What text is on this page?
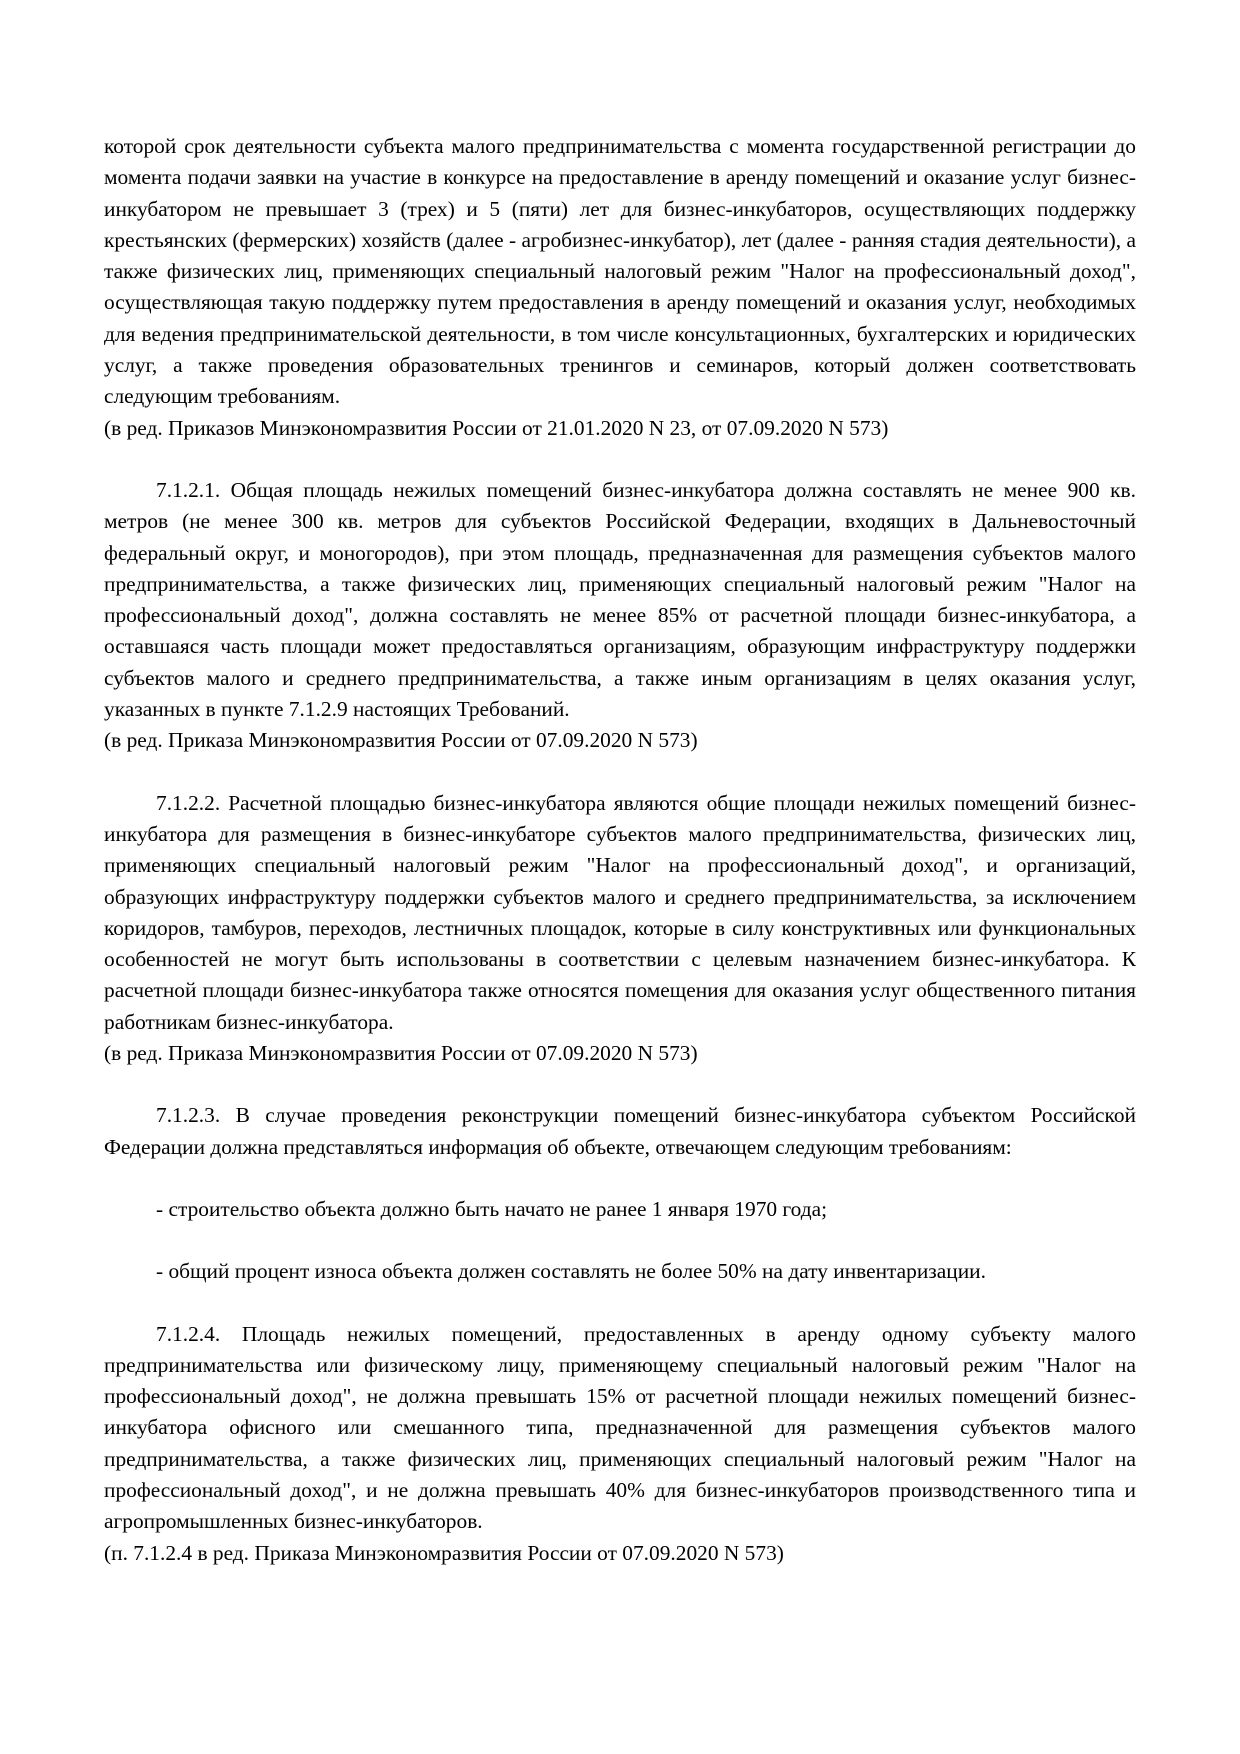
которой срок деятельности субъекта малого предпринимательства с момента государственной регистрации до момента подачи заявки на участие в конкурсе на предоставление в аренду помещений и оказание услуг бизнес-инкубатором не превышает 3 (трех) и 5 (пяти) лет для бизнес-инкубаторов, осуществляющих поддержку крестьянских (фермерских) хозяйств (далее - агробизнес-инкубатор), лет (далее - ранняя стадия деятельности), а также физических лиц, применяющих специальный налоговый режим "Налог на профессиональный доход", осуществляющая такую поддержку путем предоставления в аренду помещений и оказания услуг, необходимых для ведения предпринимательской деятельности, в том числе консультационных, бухгалтерских и юридических услуг, а также проведения образовательных тренингов и семинаров, который должен соответствовать следующим требованиям.

(в ред. Приказов Минэкономразвития России от 21.01.2020 N 23, от 07.09.2020 N 573)

7.1.2.1. Общая площадь нежилых помещений бизнес-инкубатора должна составлять не менее 900 кв. метров (не менее 300 кв. метров для субъектов Российской Федерации, входящих в Дальневосточный федеральный округ, и моногородов), при этом площадь, предназначенная для размещения субъектов малого предпринимательства, а также физических лиц, применяющих специальный налоговый режим "Налог на профессиональный доход", должна составлять не менее 85% от расчетной площади бизнес-инкубатора, а оставшаяся часть площади может предоставляться организациям, образующим инфраструктуру поддержки субъектов малого и среднего предпринимательства, а также иным организациям в целях оказания услуг, указанных в пункте 7.1.2.9 настоящих Требований.

(в ред. Приказа Минэкономразвития России от 07.09.2020 N 573)

7.1.2.2. Расчетной площадью бизнес-инкубатора являются общие площади нежилых помещений бизнес-инкубатора для размещения в бизнес-инкубаторе субъектов малого предпринимательства, физических лиц, применяющих специальный налоговый режим "Налог на профессиональный доход", и организаций, образующих инфраструктуру поддержки субъектов малого и среднего предпринимательства, за исключением коридоров, тамбуров, переходов, лестничных площадок, которые в силу конструктивных или функциональных особенностей не могут быть использованы в соответствии с целевым назначением бизнес-инкубатора. К расчетной площади бизнес-инкубатора также относятся помещения для оказания услуг общественного питания работникам бизнес-инкубатора.

(в ред. Приказа Минэкономразвития России от 07.09.2020 N 573)

7.1.2.3. В случае проведения реконструкции помещений бизнес-инкубатора субъектом Российской Федерации должна представляться информация об объекте, отвечающем следующим требованиям:

- строительство объекта должно быть начато не ранее 1 января 1970 года;

- общий процент износа объекта должен составлять не более 50% на дату инвентаризации.

7.1.2.4. Площадь нежилых помещений, предоставленных в аренду одному субъекту малого предпринимательства или физическому лицу, применяющему специальный налоговый режим "Налог на профессиональный доход", не должна превышать 15% от расчетной площади нежилых помещений бизнес-инкубатора офисного или смешанного типа, предназначенной для размещения субъектов малого предпринимательства, а также физических лиц, применяющих специальный налоговый режим "Налог на профессиональный доход", и не должна превышать 40% для бизнес-инкубаторов производственного типа и агропромышленных бизнес-инкубаторов.

(п. 7.1.2.4 в ред. Приказа Минэкономразвития России от 07.09.2020 N 573)
